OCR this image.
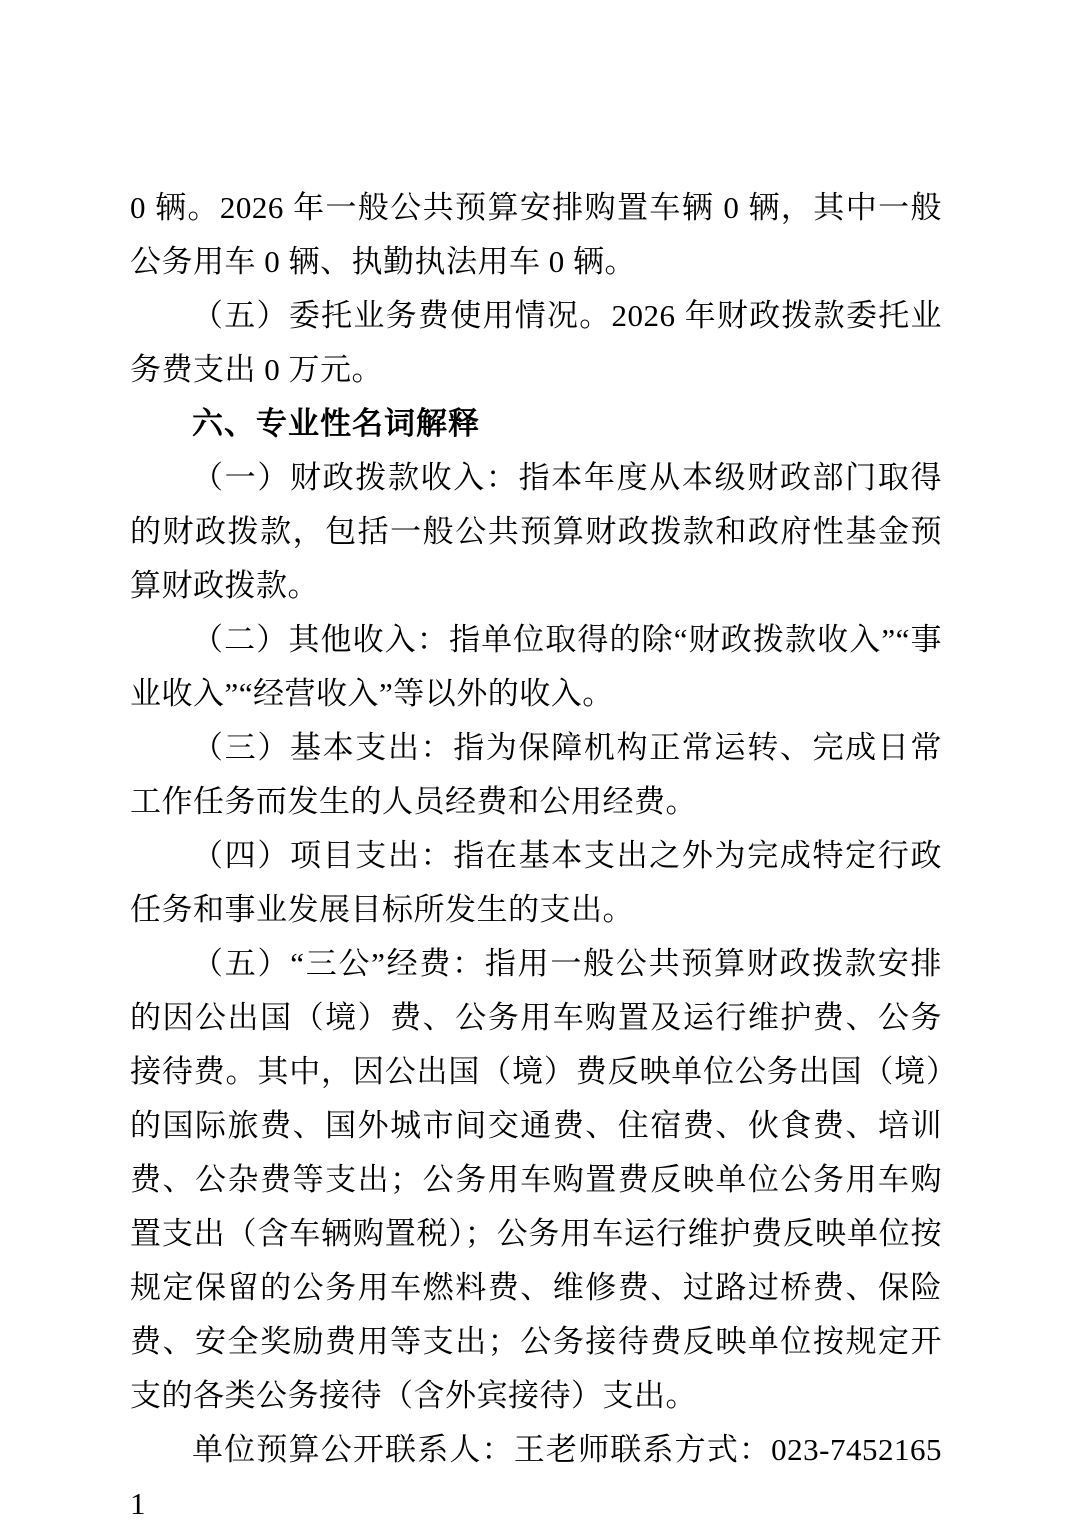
0 辆。2026 年一般公共预算安排购置车辆 0 辆，其中一般公务用车 0 辆、执勤执法用车 0 辆。

（五）委托业务费使用情况。2026 年财政拨款委托业务费支出 0 万元。

六、专业性名词解释

（一）财政拨款收入：指本年度从本级财政部门取得的财政拨款，包括一般公共预算财政拨款和政府性基金预算财政拨款。

（二）其他收入：指单位取得的除“财政拨款收入”“事业收入”“经营收入”等以外的收入。

（三）基本支出：指为保障机构正常运转、完成日常工作任务而发生的人员经费和公用经费。

（四）项目支出：指在基本支出之外为完成特定行政任务和事业发展目标所发生的支出。

（五）“三公”经费：指用一般公共预算财政拨款安排的因公出国（境）费、公务用车购置及运行维护费、公务接待费。其中，因公出国（境）费反映单位公务出国（境）的国际旅费、国外城市间交通费、住宿费、伙食费、培训费、公杂费等支出；公务用车购置费反映单位公务用车购置支出（含车辆购置税）；公务用车运行维护费反映单位按规定保留的公务用车燃料费、维修费、过路过桥费、保险费、安全奖励费用等支出；公务接待费反映单位按规定开支的各类公务接待（含外宾接待）支出。

单位预算公开联系人：王老师联系方式：023-74521651
